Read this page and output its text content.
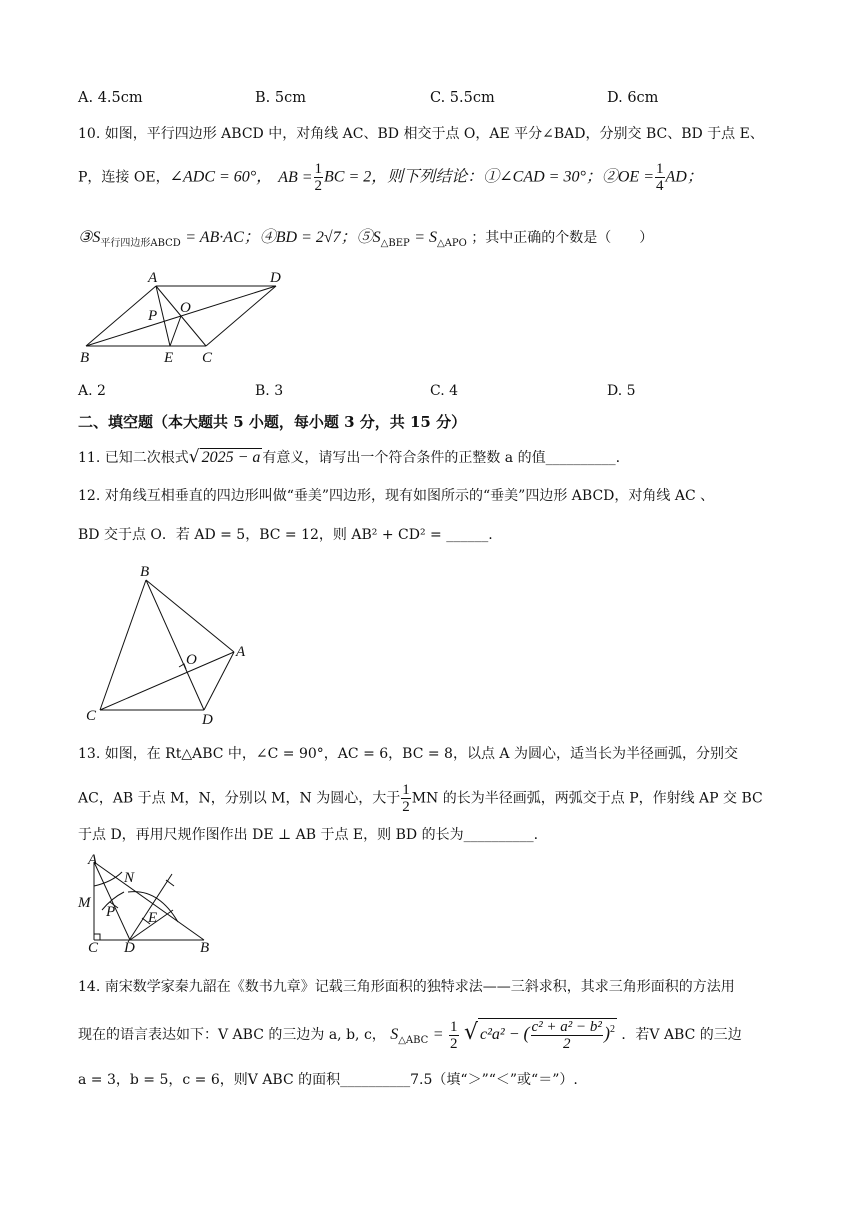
A. 4.5cm	B. 5cm	C. 5.5cm	D. 6cm
10. 如图，平行四边形 ABCD 中，对角线 AC、BD 相交于点 O，AE 平分∠BAD，分别交 BC、BD 于点 E、
P，连接 OE，∠ADC = 60°， AB = $\frac{1}{2}$ BC = 2，则下列结论：①∠CAD = 30°；②OE = $\frac{1}{4}$ AD；
$③S_{平行四边形ABCD} = AB\cdot AC$；④BD = 2√7；$⑤S_{\triangle BEP} = S_{\triangle APO}$ ；其中正确的个数是（　　）
A	D
O
P
B	E C
A. 2	B. 3	C. 4	D. 5
二、填空题（本大题共 5 小题，每小题 3 分，共 15 分）
11. 已知二次根式√ 2025 − a 有意义，请写出一个符合条件的正整数 a 的值__________.
12. 对角线互相垂直的四边形叫做“垂美”四边形，现有如图所示的“垂美”四边形 ABCD，对角线 AC 、
BD 交于点 O．若 AD = 5，BC = 12，则 AB² + CD² = ______.
B
O	A
C	D
13. 如图，在 Rt△ABC 中，∠C = 90°，AC = 6，BC = 8，以点 A 为圆心，适当长为半径画弧，分别交
AC，AB 于点 M，N，分别以 M，N 为圆心，大于 $\frac{1}{2}$ MN 的长为半径画弧，两弧交于点 P，作射线 AP 交 BC
于点 D，再用尺规作图作出 DE ⊥ AB 于点 E，则 BD 的长为__________.
A
N
M
P E
C D	B
14. 南宋数学家秦九韶在《数书九章》记载三角形面积的独特求法——三斜求积，其求三角形面积的方法用
现在的语言表达如下：V ABC 的三边为 a, b, c， $S_{\triangle ABC} = \frac{1}{2}$ √ c²a² − ( $\frac{\text{c² + a² − b²}}{2} )^2$ ．若V ABC 的三边
a = 3，b = 5，c = 6，则V ABC 的面积__________7.5（填“＞”“＜”或“＝”）.
